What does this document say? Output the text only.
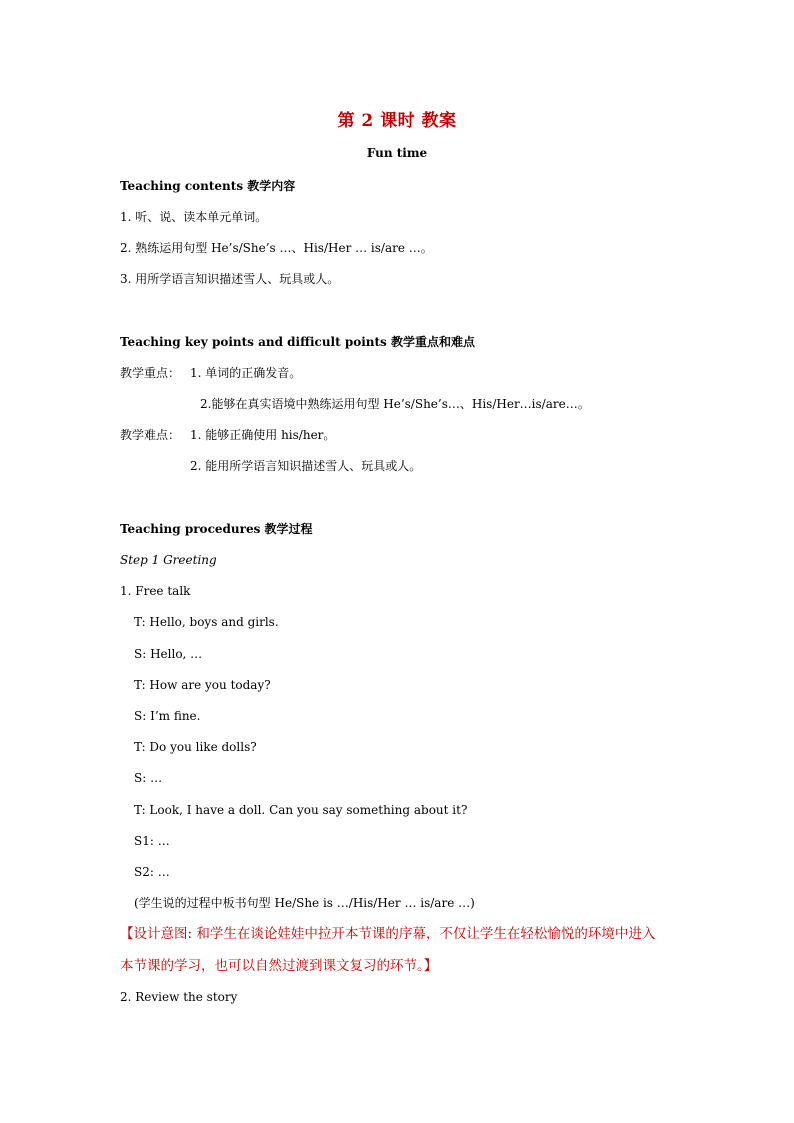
第 2 课时 教案
Fun time
Teaching contents 教学内容
1. 听、说、读本单元单词。
2. 熟练运用句型 He’s/She’s …、His/Her … is/are …。
3. 用所学语言知识描述雪人、玩具或人。
Teaching key points and difficult points 教学重点和难点
教学重点： 1. 单词的正确发音。
2.能够在真实语境中熟练运用句型 He’s/She’s…、His/Her…is/are…。
教学难点： 1. 能够正确使用 his/her。
2. 能用所学语言知识描述雪人、玩具或人。
Teaching procedures 教学过程
Step 1 Greeting
1. Free talk
T: Hello, boys and girls.
S: Hello, …
T: How are you today?
S: I’m fine.
T: Do you like dolls?
S: …
T: Look, I have a doll. Can you say something about it?
S1: …
S2: …
(学生说的过程中板书句型 He/She is …/His/Her … is/are …)
【设计意图: 和学生在谈论娃娃中拉开本节课的序幕，不仅让学生在轻松愉悦的环境中进入
本节课的学习，也可以自然过渡到课文复习的环节。】
2. Review the story
